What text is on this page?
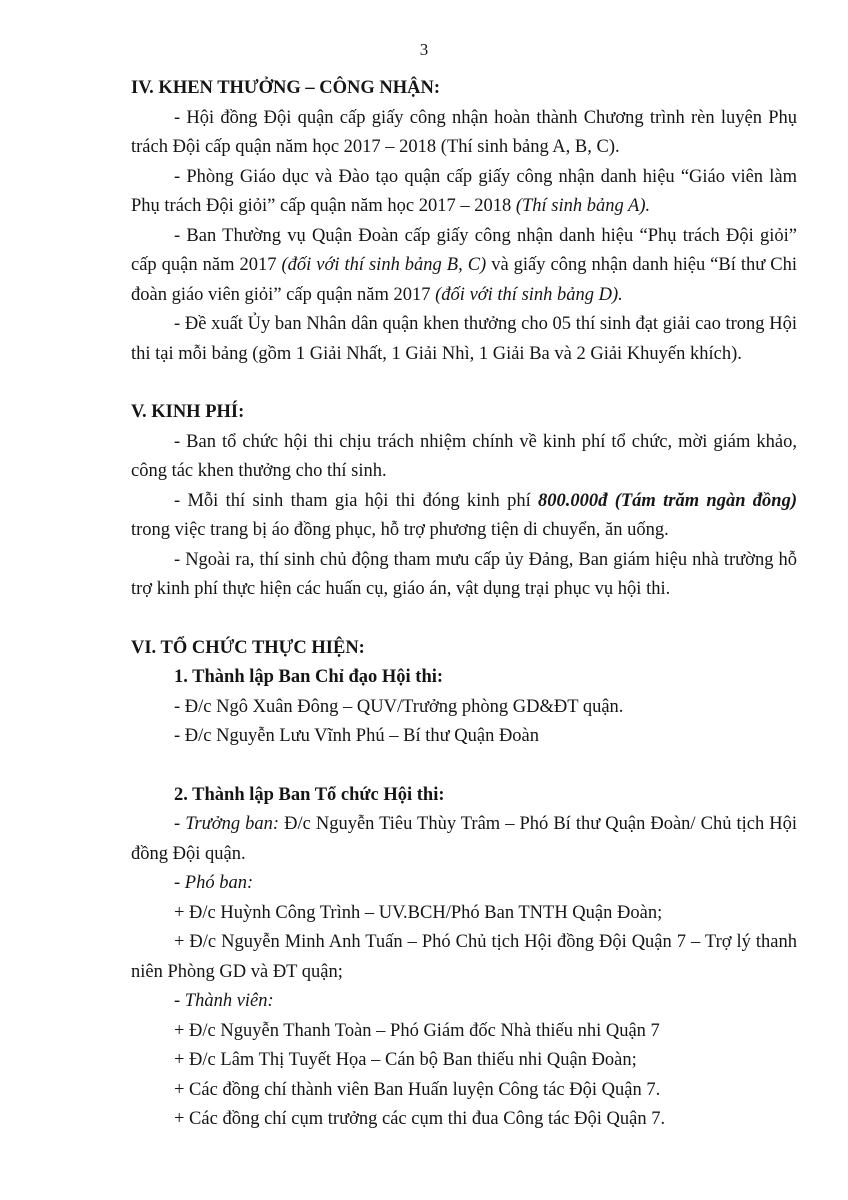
3
IV. KHEN THƯỞNG – CÔNG NHẬN:
- Hội đồng Đội quận cấp giấy công nhận hoàn thành Chương trình rèn luyện Phụ trách Đội cấp quận năm học 2017 – 2018 (Thí sinh bảng A, B, C).
- Phòng Giáo dục và Đào tạo quận cấp giấy công nhận danh hiệu “Giáo viên làm Phụ trách Đội giỏi” cấp quận năm học 2017 – 2018 (Thí sinh bảng A).
- Ban Thường vụ Quận Đoàn cấp giấy công nhận danh hiệu “Phụ trách Đội giỏi” cấp quận năm 2017 (đối với thí sinh bảng B, C) và giấy công nhận danh hiệu “Bí thư Chi đoàn giáo viên giỏi” cấp quận năm 2017 (đối với thí sinh bảng D).
- Đề xuất Ủy ban Nhân dân quận khen thưởng cho 05 thí sinh đạt giải cao trong Hội thi tại mỗi bảng (gồm 1 Giải Nhất, 1 Giải Nhì, 1 Giải Ba và 2 Giải Khuyến khích).
V. KINH PHÍ:
- Ban tổ chức hội thi chịu trách nhiệm chính về kinh phí tổ chức, mời giám khảo, công tác khen thưởng cho thí sinh.
- Mỗi thí sinh tham gia hội thi đóng kinh phí 800.000đ (Tám trăm ngàn đồng) trong việc trang bị áo đồng phục, hỗ trợ phương tiện di chuyển, ăn uống.
- Ngoài ra, thí sinh chủ động tham mưu cấp ủy Đảng, Ban giám hiệu nhà trường hỗ trợ kinh phí thực hiện các huấn cụ, giáo án, vật dụng trại phục vụ hội thi.
VI. TỔ CHỨC THỰC HIỆN:
1. Thành lập Ban Chỉ đạo Hội thi:
- Đ/c Ngô Xuân Đông – QUV/Trưởng phòng GD&ĐT quận.
- Đ/c Nguyễn Lưu Vĩnh Phú – Bí thư Quận Đoàn
2. Thành lập Ban Tổ chức Hội thi:
- Trưởng ban: Đ/c Nguyễn Tiêu Thùy Trâm – Phó Bí thư Quận Đoàn/ Chủ tịch Hội đồng Đội quận.
- Phó ban:
+ Đ/c Huỳnh Công Trình – UV.BCH/Phó Ban TNTH Quận Đoàn;
+ Đ/c Nguyễn Minh Anh Tuấn – Phó Chủ tịch Hội đồng Đội Quận 7 – Trợ lý thanh niên Phòng GD và ĐT quận;
- Thành viên:
+ Đ/c Nguyễn Thanh Toàn – Phó Giám đốc Nhà thiếu nhi Quận 7
+ Đ/c Lâm Thị Tuyết Họa – Cán bộ Ban thiếu nhi Quận Đoàn;
+ Các đồng chí thành viên Ban Huấn luyện Công tác Đội Quận 7.
+ Các đồng chí cụm trưởng các cụm thi đua Công tác Đội Quận 7.
